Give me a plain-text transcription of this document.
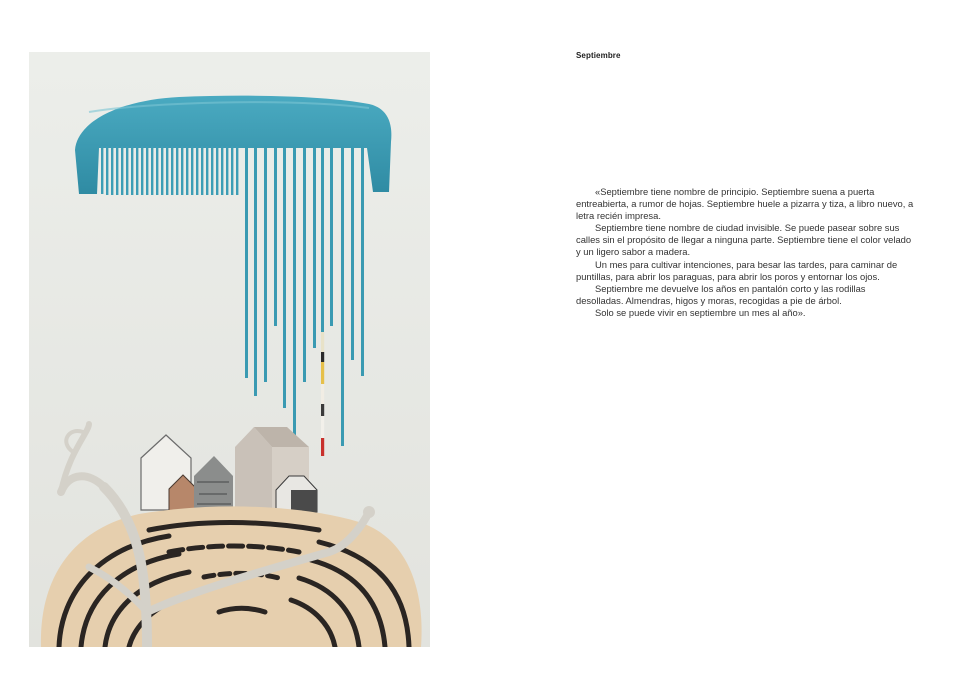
Septiembre

«Septiembre tiene nombre de principio. Septiembre suena a puerta entreabierta, a rumor de hojas. Septiembre huele a pizarra y tiza, a libro nuevo, a letra recién impresa.

Septiembre tiene nombre de ciudad invisible. Se puede pasear sobre sus calles sin el propósito de llegar a ninguna parte. Septiembre tiene el color velado y un ligero sabor a madera.

Un mes para cultivar intenciones, para besar las tardes, para caminar de puntillas, para abrir los paraguas, para abrir los poros y entornar los ojos.

Septiembre me devuelve los años en pantalón corto y las rodillas desolladas. Almendras, higos y moras, recogidas a pie de árbol.

Solo se puede vivir en septiembre un mes al año».
